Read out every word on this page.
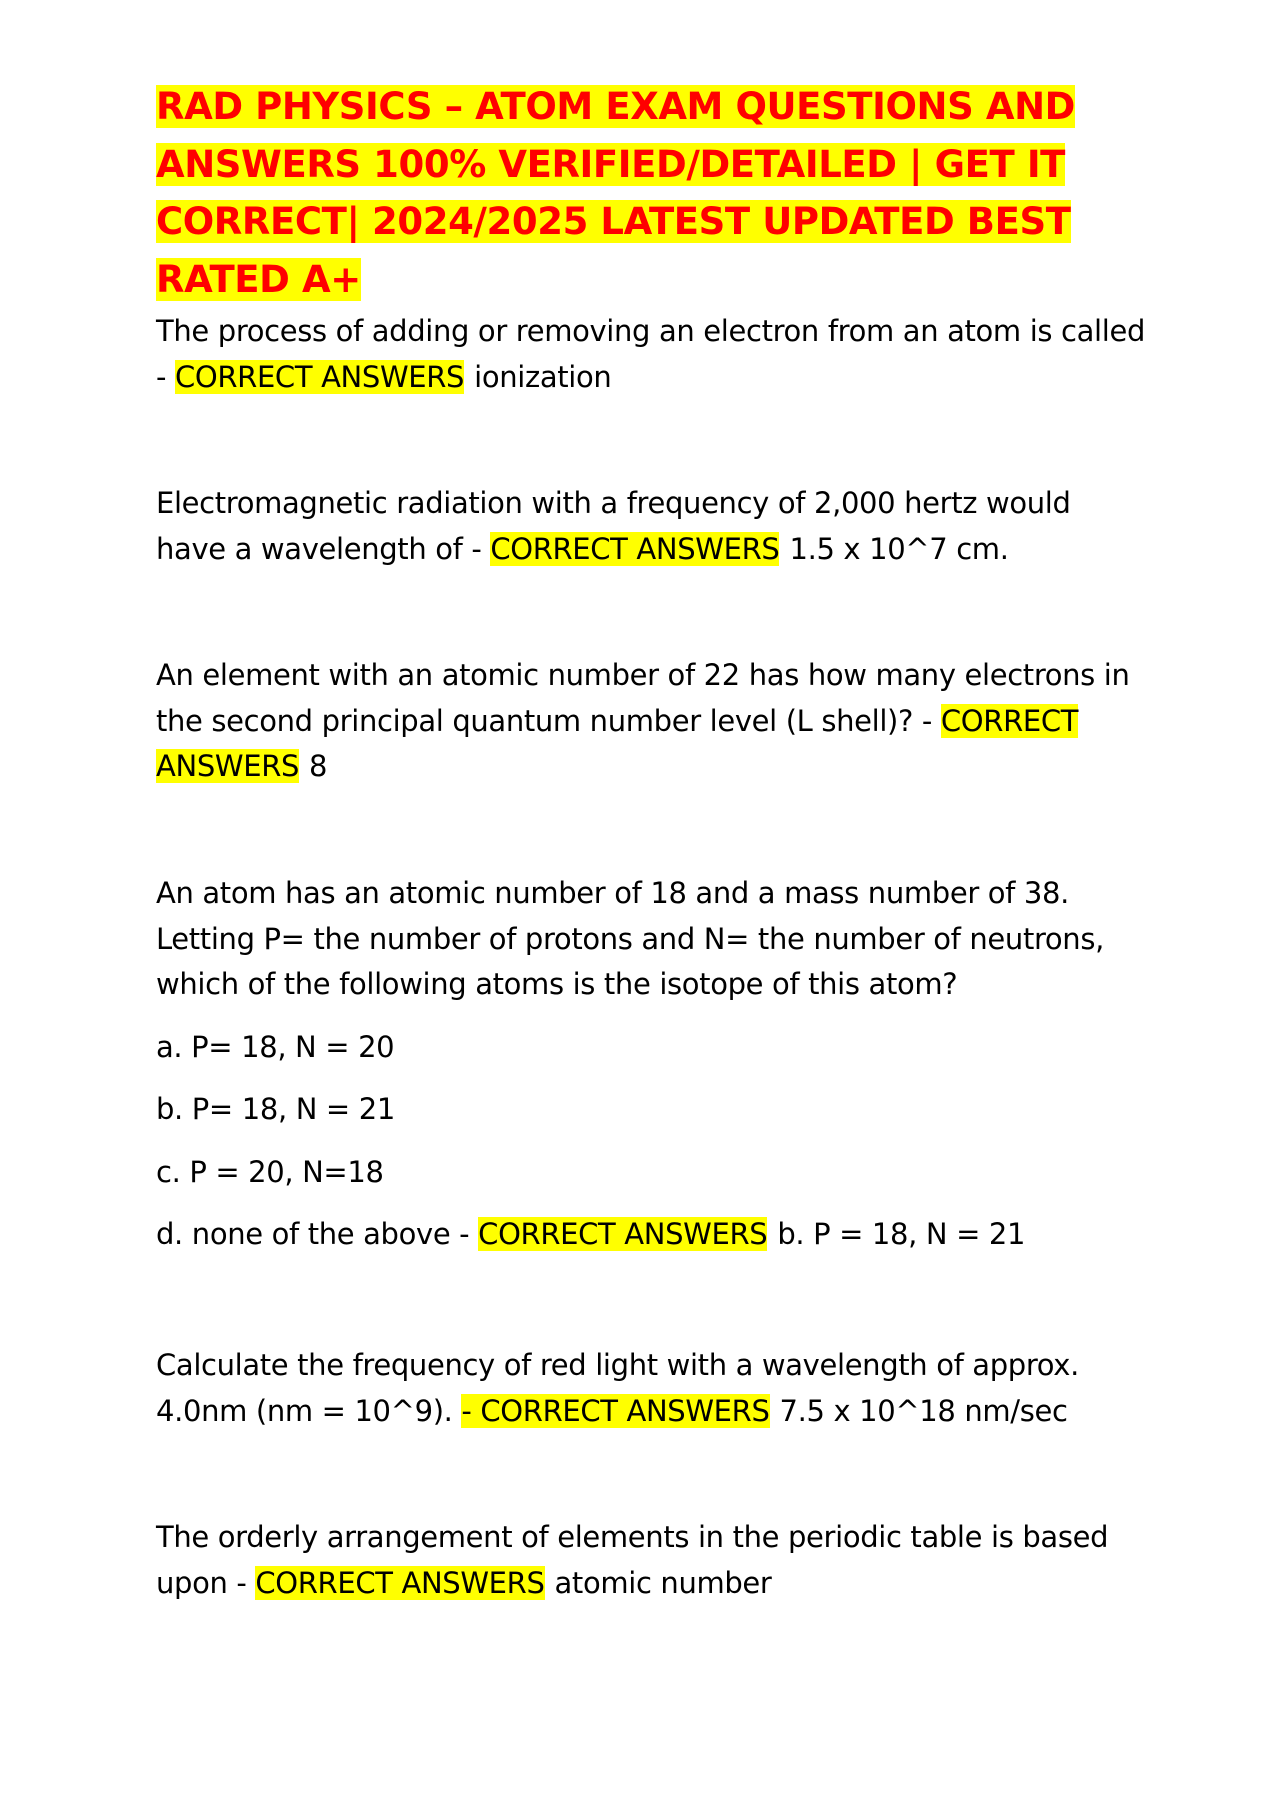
RAD PHYSICS – ATOM EXAM QUESTIONS AND
ANSWERS 100% VERIFIED/DETAILED | GET IT
CORRECT| 2024/2025 LATEST UPDATED BEST
RATED A+
The process of adding or removing an electron from an atom is called
- CORRECT ANSWERS ionization
Electromagnetic radiation with a frequency of 2,000 hertz would
have a wavelength of - CORRECT ANSWERS 1.5 x 10^7 cm.
An element with an atomic number of 22 has how many electrons in
the second principal quantum number level (L shell)? - CORRECT
ANSWERS 8
An atom has an atomic number of 18 and a mass number of 38.
Letting P= the number of protons and N= the number of neutrons,
which of the following atoms is the isotope of this atom?
a. P= 18, N = 20
b. P= 18, N = 21
c. P = 20, N=18
d. none of the above - CORRECT ANSWERS b. P = 18, N = 21
Calculate the frequency of red light with a wavelength of approx.
4.0nm (nm = 10^9). - CORRECT ANSWERS 7.5 x 10^18 nm/sec
The orderly arrangement of elements in the periodic table is based
upon - CORRECT ANSWERS atomic number
